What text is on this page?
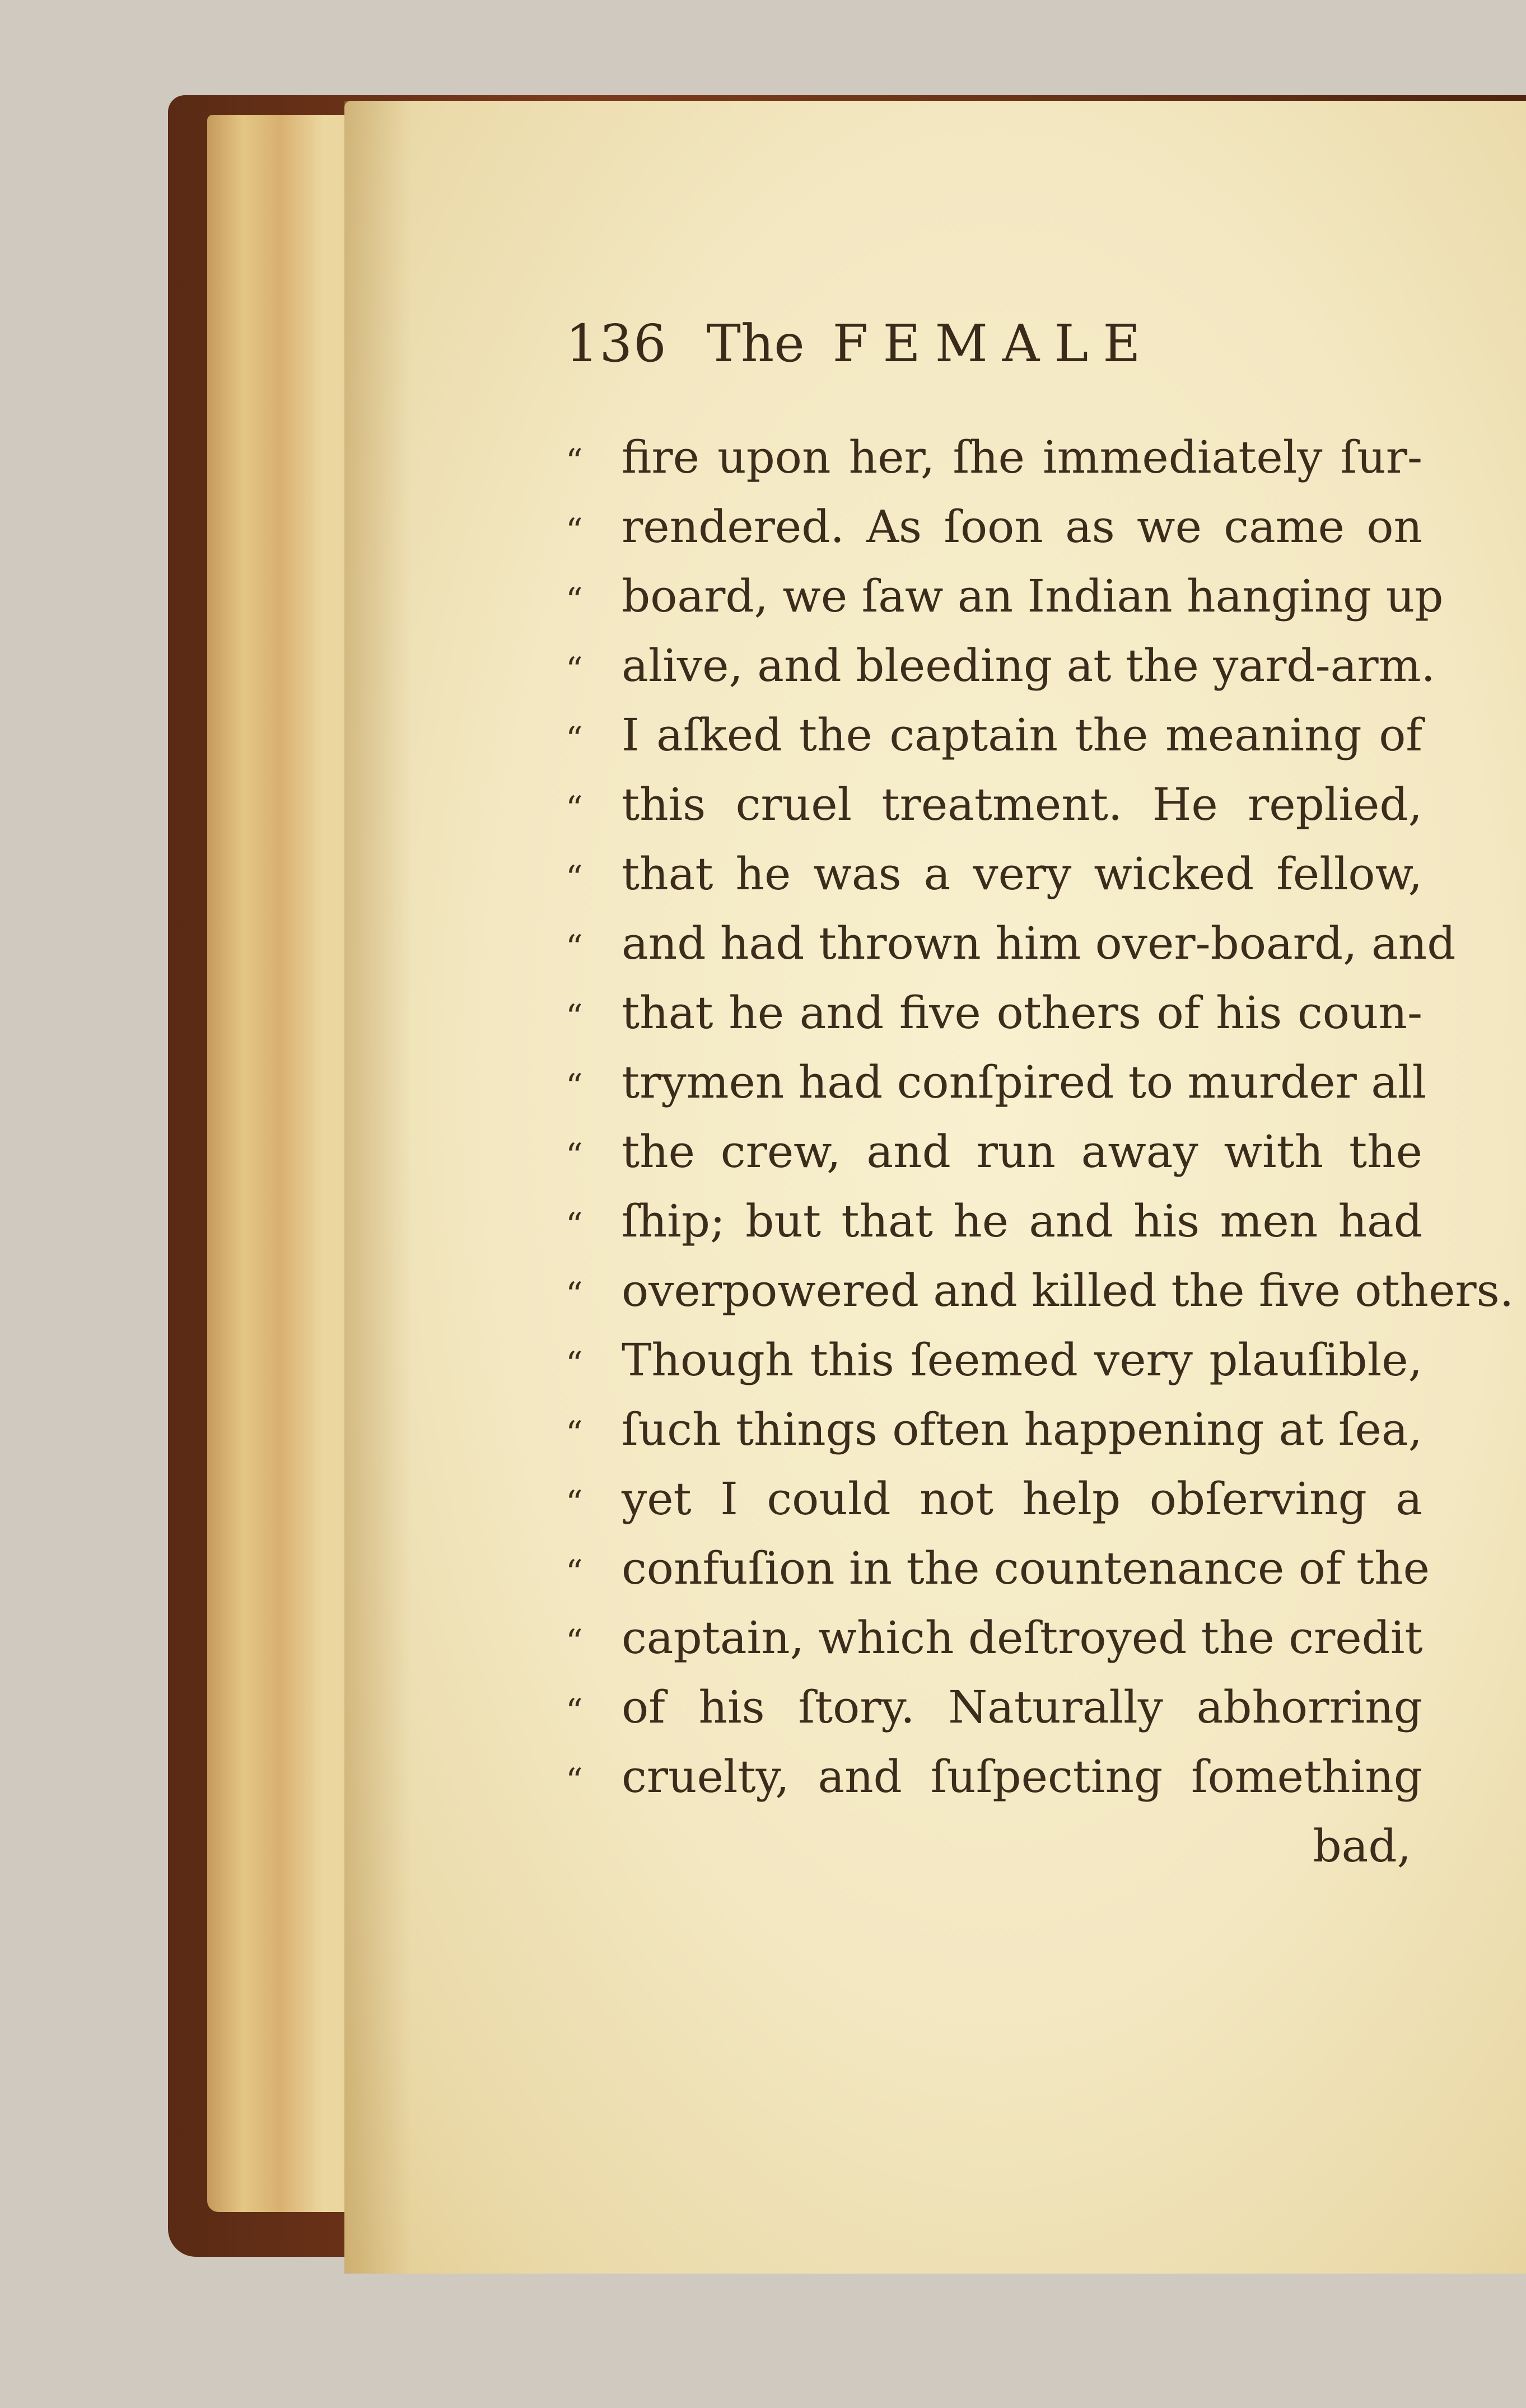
136 The FEMALE
“ fire upon her, ſhe immediately ſur-
“ rendered. As ſoon as we came on
“ board, we ſaw an Indian hanging up
“ alive, and bleeding at the yard-arm.
“ I aſked the captain the meaning of
“ this cruel treatment. He replied,
“ that he was a very wicked fellow,
“ and had thrown him over-board, and
“ that he and five others of his coun-
“ trymen had conſpired to murder all
“ the crew, and run away with the
“ ſhip; but that he and his men had
“ overpowered and killed the five others.
“ Though this ſeemed very plauſible,
“ ſuch things often happening at ſea,
“ yet I could not help obſerving a
“ confuſion in the countenance of the
“ captain, which deſtroyed the credit
“ of his ſtory. Naturally abhorring
“ cruelty, and ſuſpecting ſomething
bad,
